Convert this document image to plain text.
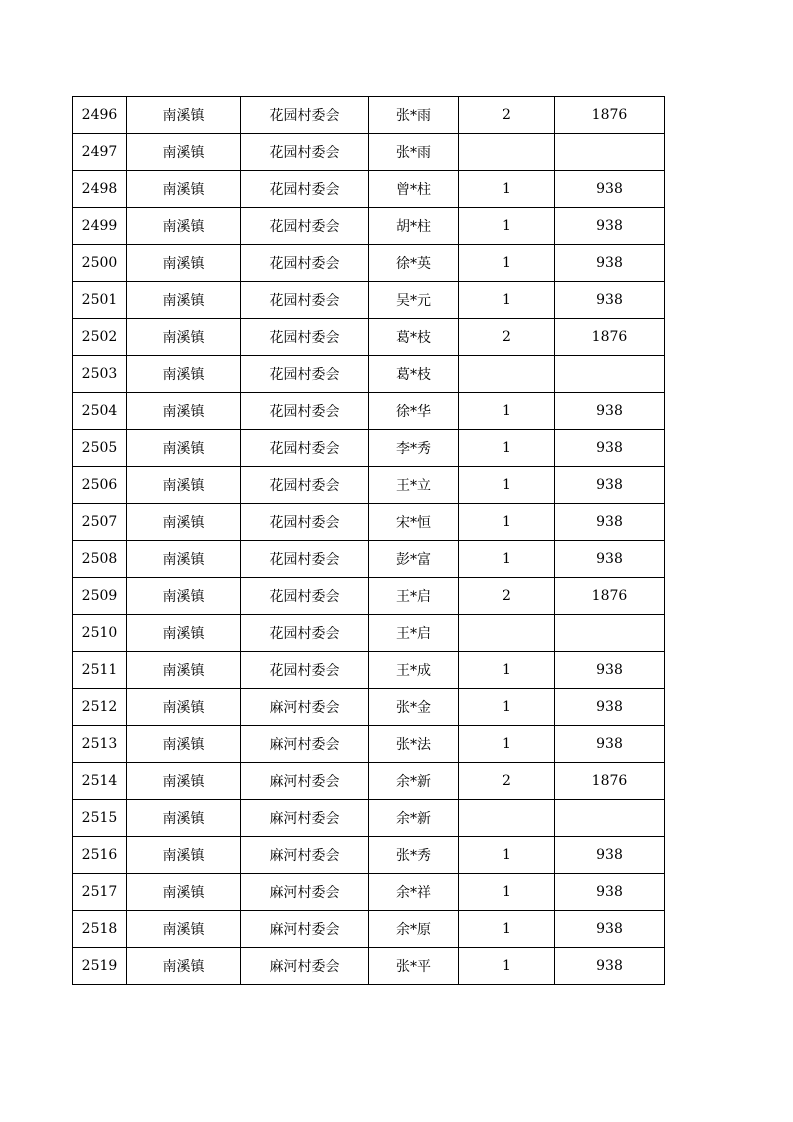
2496	南溪镇	花园村委会	张*雨	2	1876
2497	南溪镇	花园村委会	张*雨		
2498	南溪镇	花园村委会	曾*柱	1	938
2499	南溪镇	花园村委会	胡*柱	1	938
2500	南溪镇	花园村委会	徐*英	1	938
2501	南溪镇	花园村委会	吴*元	1	938
2502	南溪镇	花园村委会	葛*枝	2	1876
2503	南溪镇	花园村委会	葛*枝		
2504	南溪镇	花园村委会	徐*华	1	938
2505	南溪镇	花园村委会	李*秀	1	938
2506	南溪镇	花园村委会	王*立	1	938
2507	南溪镇	花园村委会	宋*恒	1	938
2508	南溪镇	花园村委会	彭*富	1	938
2509	南溪镇	花园村委会	王*启	2	1876
2510	南溪镇	花园村委会	王*启		
2511	南溪镇	花园村委会	王*成	1	938
2512	南溪镇	麻河村委会	张*金	1	938
2513	南溪镇	麻河村委会	张*法	1	938
2514	南溪镇	麻河村委会	余*新	2	1876
2515	南溪镇	麻河村委会	余*新		
2516	南溪镇	麻河村委会	张*秀	1	938
2517	南溪镇	麻河村委会	余*祥	1	938
2518	南溪镇	麻河村委会	余*原	1	938
2519	南溪镇	麻河村委会	张*平	1	938
